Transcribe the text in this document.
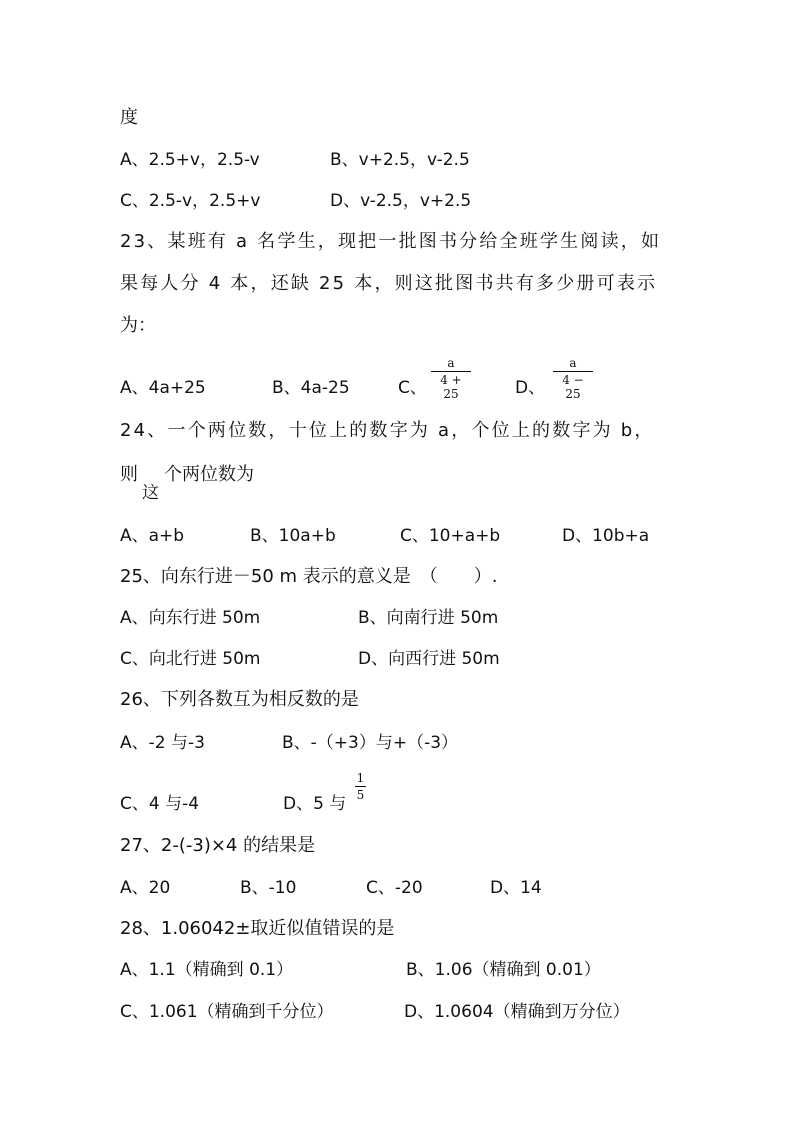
度
A、2.5+v，2.5-v	B、v+2.5，v-2.5
C、2.5-v，2.5+v	D、v-2.5，v+2.5
23、某班有 a 名学生，现把一批图书分给全班学生阅读，如
果每人分 4 本，还缺 25 本，则这批图书共有多少册可表示
为：
A、4a+25	B、4a-25	C、
a
4 + 25	D、
a
4 − 25
24、一个两位数，十位上的数字为 a，个位上的数字为 b，
则
这
个两位数为
A、a+b	B、10a+b	C、10+a+b	D、10b+a
25、向东行进－50 m 表示的意义是　（　　）.
A、向东行进 50m	B、向南行进 50m
C、向北行进 50m	D、向西行进 50m
26、下列各数互为相反数的是
A、-2 与-3	B、-（+3）与+（-3）
C、4 与-4	D、5 与
1
5
27、2-(-3)×4 的结果是
A、20	B、-10	C、-20	D、14
28、1.06042±取近似值错误的是
A、1.1（精确到 0.1）	B、1.06（精确到 0.01）
C、1.061（精确到千分位）	D、1.0604（精确到万分位）
